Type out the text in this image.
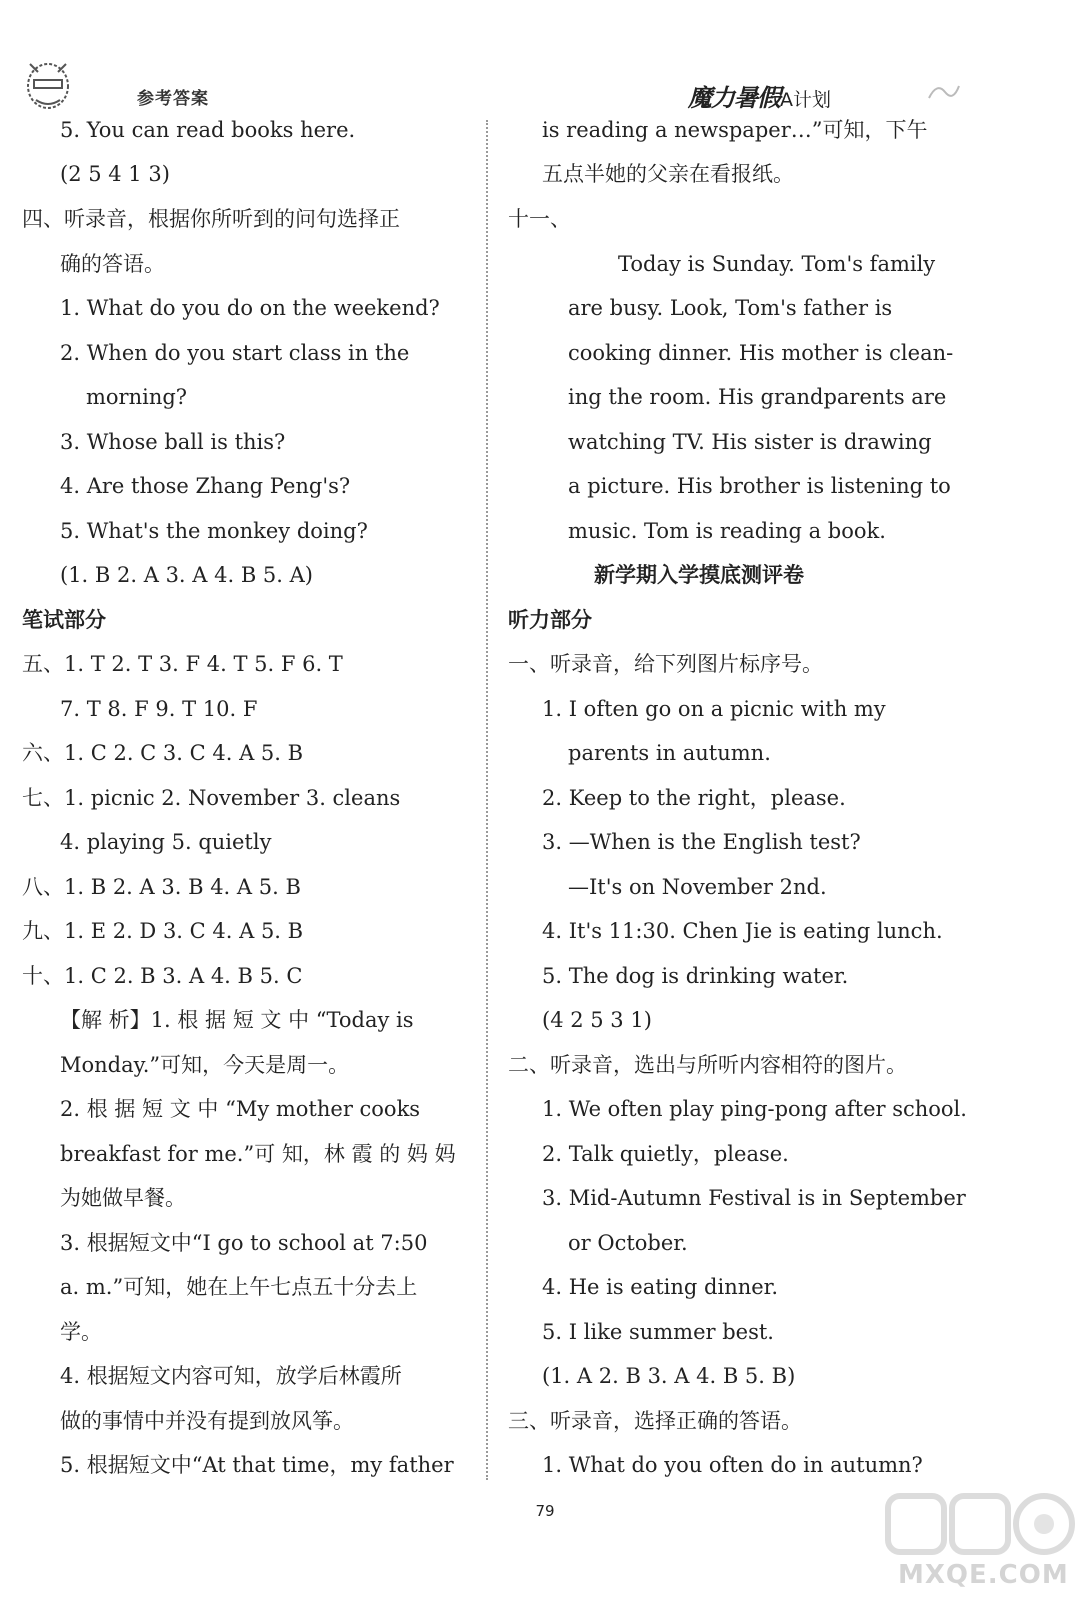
参考答案	魔力暑假A计划
5. You can read books here.
(2 5 4 1 3)
四、听录音，根据你所听到的问句选择正
确的答语。
1. What do you do on the weekend?
2. When do you start class in the
morning?
3. Whose ball is this?
4. Are those Zhang Peng's?
5. What's the monkey doing?
(1. B 2. A 3. A 4. B 5. A)
笔试部分
五、1. T 2. T 3. F 4. T 5. F 6. T
7. T 8. F 9. T 10. F
六、1. C 2. C 3. C 4. A 5. B
七、1. picnic 2. November 3. cleans
4. playing 5. quietly
八、1. B 2. A 3. B 4. A 5. B
九、1. E 2. D 3. C 4. A 5. B
十、1. C 2. B 3. A 4. B 5. C
【解 析】1. 根 据 短 文 中 “Today is
Monday.”可知，今天是周一。
2. 根 据 短 文 中 “My mother cooks
breakfast for me.”可 知，林 霞 的 妈 妈
为她做早餐。
3. 根据短文中“I go to school at 7:50
a. m.”可知，她在上午七点五十分去上
学。
4. 根据短文内容可知，放学后林霞所
做的事情中并没有提到放风筝。
5. 根据短文中“At that time，my father
is reading a newspaper…”可知，下午
五点半她的父亲在看报纸。
十一、
Today is Sunday. Tom's family
are busy. Look, Tom's father is
cooking dinner. His mother is clean-
ing the room. His grandparents are
watching TV. His sister is drawing
a picture. His brother is listening to
music. Tom is reading a book.
新学期入学摸底测评卷
听力部分
一、听录音，给下列图片标序号。
1. I often go on a picnic with my
parents in autumn.
2. Keep to the right，please.
3. —When is the English test?
—It's on November 2nd.
4. It's 11:30. Chen Jie is eating lunch.
5. The dog is drinking water.
(4 2 5 3 1)
二、听录音，选出与所听内容相符的图片。
1. We often play ping-pong after school.
2. Talk quietly，please.
3. Mid-Autumn Festival is in September
or October.
4. He is eating dinner.
5. I like summer best.
(1. A 2. B 3. A 4. B 5. B)
三、听录音，选择正确的答语。
1. What do you often do in autumn?
79
MXQE.COM
